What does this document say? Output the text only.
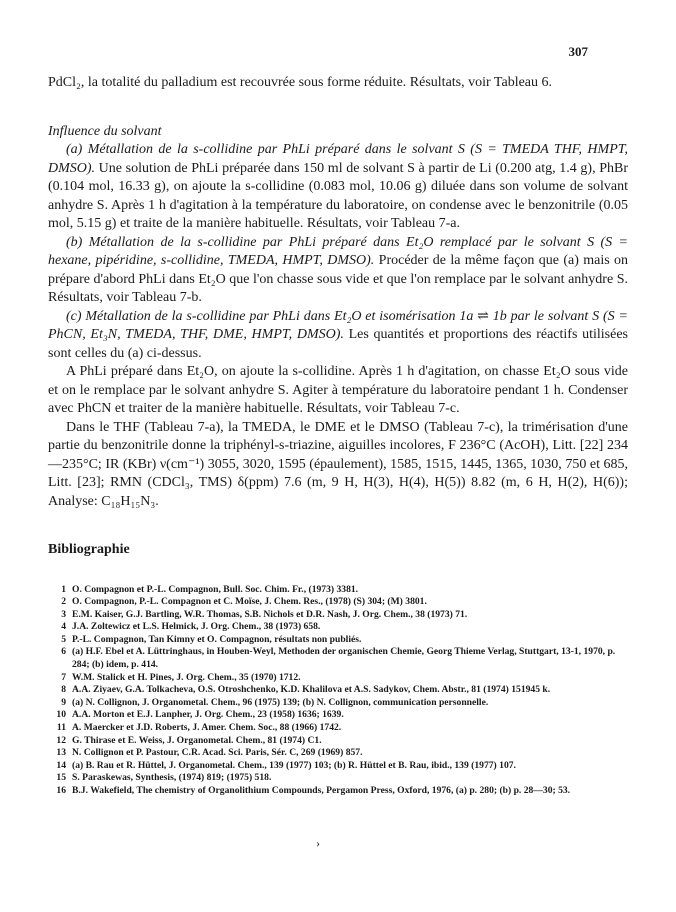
307

PdCl₂, la totalité du palladium est recouvrée sous forme réduite. Résultats, voir Tableau 6.

Influence du solvant

(a) Métallation de la s-collidine par PhLi préparé dans le solvant S (S = TMEDA THF, HMPT, DMSO). Une solution de PhLi préparée dans 150 ml de solvant S à partir de Li (0.200 atg, 1.4 g), PhBr (0.104 mol, 16.33 g), on ajoute la s-collidine (0.083 mol, 10.06 g) diluée dans son volume de solvant anhydre S. Après 1 h d'agitation à la température du laboratoire, on condense avec le benzonitrile (0.05 mol, 5.15 g) et traite de la manière habituelle. Résultats, voir Tableau 7-a.

(b) Métallation de la s-collidine par PhLi préparé dans Et₂O remplacé par le solvant S (S = hexane, pipéridine, s-collidine, TMEDA, HMPT, DMSO). Procéder de la même façon que (a) mais on prépare d'abord PhLi dans Et₂O que l'on chasse sous vide et que l'on remplace par le solvant anhydre S. Résultats, voir Tableau 7-b.

(c) Métallation de la s-collidine par PhLi dans Et₂O et isomérisation 1a ⇌ 1b par le solvant S (S = PhCN, Et₃N, TMEDA, THF, DME, HMPT, DMSO). Les quantités et proportions des réactifs utilisées sont celles du (a) ci-dessus.

A PhLi préparé dans Et₂O, on ajoute la s-collidine. Après 1 h d'agitation, on chasse Et₂O sous vide et on le remplace par le solvant anhydre S. Agiter à température du laboratoire pendant 1 h. Condenser avec PhCN et traiter de la manière habituelle. Résultats, voir Tableau 7-c.

Dans le THF (Tableau 7-a), la TMEDA, le DME et le DMSO (Tableau 7-c), la trimérisation d'une partie du benzonitrile donne la triphényl-s-triazine, aiguilles incolores, F 236°C (AcOH), Litt. [22] 234—235°C; IR (KBr) ν(cm⁻¹) 3055, 3020, 1595 (épaulement), 1585, 1515, 1445, 1365, 1030, 750 et 685, Litt. [23]; RMN (CDCl₃, TMS) δ(ppm) 7.6 (m, 9 H, H(3), H(4), H(5)) 8.82 (m, 6 H, H(2), H(6)); Analyse: C₁₈H₁₅N₃.

Bibliographie
1 O. Compagnon et P.-L. Compagnon, Bull. Soc. Chim. Fr., (1973) 3381.
2 O. Compagnon, P.-L. Compagnon et C. Moïse, J. Chem. Res., (1978) (S) 304; (M) 3801.
3 E.M. Kaiser, G.J. Bartling, W.R. Thomas, S.B. Nichols et D.R. Nash, J. Org. Chem., 38 (1973) 71.
4 J.A. Zoltewicz et L.S. Helmick, J. Org. Chem., 38 (1973) 658.
5 P.-L. Compagnon, Tan Kimny et O. Compagnon, résultats non publiés.
6 (a) H.F. Ebel et A. Lüttringhaus, in Houben-Weyl, Methoden der organischen Chemie, Georg Thieme Verlag, Stuttgart, 13-1, 1970, p. 284; (b) idem, p. 414.
7 W.M. Stalick et H. Pines, J. Org. Chem., 35 (1970) 1712.
8 A.A. Ziyaev, G.A. Tolkacheva, O.S. Otroshchenko, K.D. Khalilova et A.S. Sadykov, Chem. Abstr., 81 (1974) 151945 k.
9 (a) N. Collignon, J. Organometal. Chem., 96 (1975) 139; (b) N. Collignon, communication personnelle.
10 A.A. Morton et E.J. Lanpher, J. Org. Chem., 23 (1958) 1636; 1639.
11 A. Maercker et J.D. Roberts, J. Amer. Chem. Soc., 88 (1966) 1742.
12 G. Thirase et E. Weiss, J. Organometal. Chem., 81 (1974) C1.
13 N. Collignon et P. Pastour, C.R. Acad. Sci. Paris, Sér. C, 269 (1969) 857.
14 (a) B. Rau et R. Hüttel, J. Organometal. Chem., 139 (1977) 103; (b) R. Hüttel et B. Rau, ibid., 139 (1977) 107.
15 S. Paraskewas, Synthesis, (1974) 819; (1975) 518.
16 B.J. Wakefield, The chemistry of Organolithium Compounds, Pergamon Press, Oxford, 1976, (a) p. 280; (b) p. 28—30; 53.
›
